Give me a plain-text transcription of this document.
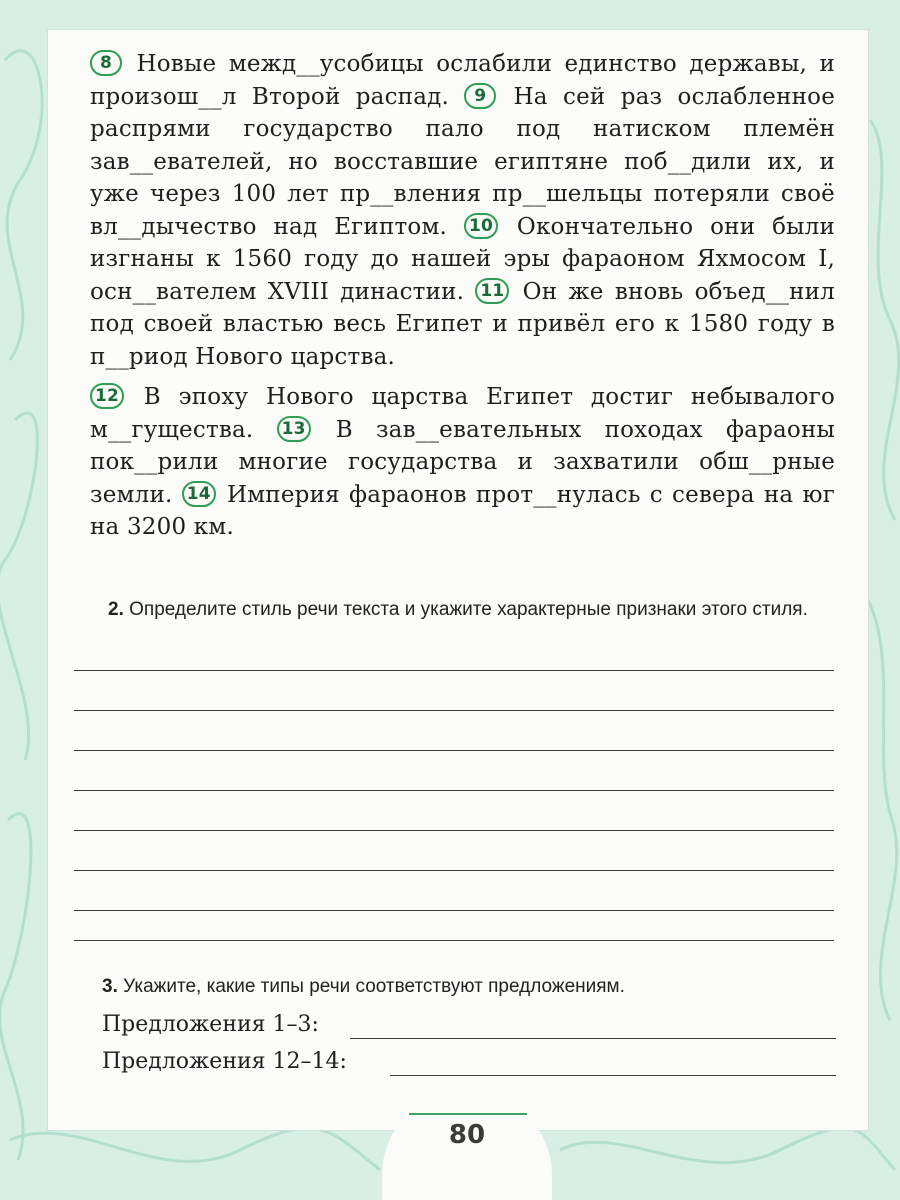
8 Новые межд__усобицы ослабили единство державы, и произош__л Второй распад. 9 На сей раз ослабленное распрями государство пало под натиском племён зав__евателей, но восставшие египтяне поб__дили их, и уже через 100 лет пр__вления пр__шельцы потеряли своё вл__дычество над Египтом. 10 Окончательно они были изгнаны к 1560 году до нашей эры фараоном Яхмосом I, осн__вателем XVIII династии. 11 Он же вновь объед__нил под своей властью весь Египет и привёл его к 1580 году в п__риод Нового царства.
12 В эпоху Нового царства Египет достиг небывалого м__гущества. 13 В зав__евательных походах фараоны пок__рили многие государства и захватили обш__рные земли. 14 Империя фараонов прот__нулась с севера на юг на 3200 км.
2. Определите стиль речи текста и укажите характерные признаки этого стиля.
3. Укажите, какие типы речи соответствуют предложениям.
Предложения 1–3:
Предложения 12–14:
80
